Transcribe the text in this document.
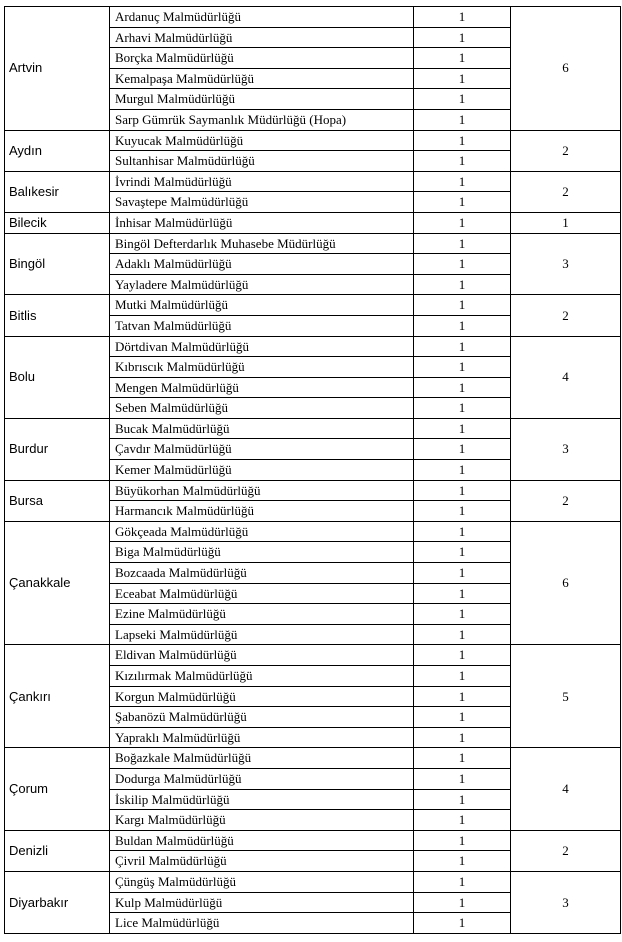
Artvin	Ardanuç Malmüdürlüğü	1	6
	Arhavi Malmüdürlüğü	1	
	Borçka Malmüdürlüğü	1	
	Kemalpaşa Malmüdürlüğü	1	
	Murgul Malmüdürlüğü	1	
	Sarp Gümrük Saymanlık Müdürlüğü (Hopa)	1	
Aydın	Kuyucak Malmüdürlüğü	1	2
	Sultanhisar Malmüdürlüğü	1	
Balıkesir	İvrindi Malmüdürlüğü	1	2
	Savaştepe Malmüdürlüğü	1	
Bilecik	İnhisar Malmüdürlüğü	1	1
Bingöl	Bingöl Defterdarlık Muhasebe Müdürlüğü	1	3
	Adaklı Malmüdürlüğü	1	
	Yayladere Malmüdürlüğü	1	
Bitlis	Mutki Malmüdürlüğü	1	2
	Tatvan Malmüdürlüğü	1	
Bolu	Dörtdivan Malmüdürlüğü	1	4
	Kıbrıscık Malmüdürlüğü	1	
	Mengen Malmüdürlüğü	1	
	Seben Malmüdürlüğü	1	
Burdur	Bucak Malmüdürlüğü	1	3
	Çavdır Malmüdürlüğü	1	
	Kemer Malmüdürlüğü	1	
Bursa	Büyükorhan Malmüdürlüğü	1	2
	Harmancık Malmüdürlüğü	1	
Çanakkale	Gökçeada Malmüdürlüğü	1	6
	Biga Malmüdürlüğü	1	
	Bozcaada Malmüdürlüğü	1	
	Eceabat Malmüdürlüğü	1	
	Ezine Malmüdürlüğü	1	
	Lapseki Malmüdürlüğü	1	
Çankırı	Eldivan Malmüdürlüğü	1	5
	Kızılırmak Malmüdürlüğü	1	
	Korgun Malmüdürlüğü	1	
	Şabanözü Malmüdürlüğü	1	
	Yapraklı Malmüdürlüğü	1	
Çorum	Boğazkale Malmüdürlüğü	1	4
	Dodurga Malmüdürlüğü	1	
	İskilip Malmüdürlüğü	1	
	Kargı Malmüdürlüğü	1	
Denizli	Buldan Malmüdürlüğü	1	2
	Çivril Malmüdürlüğü	1	
Diyarbakır	Çüngüş Malmüdürlüğü	1	3
	Kulp Malmüdürlüğü	1	
	Lice Malmüdürlüğü	1	
